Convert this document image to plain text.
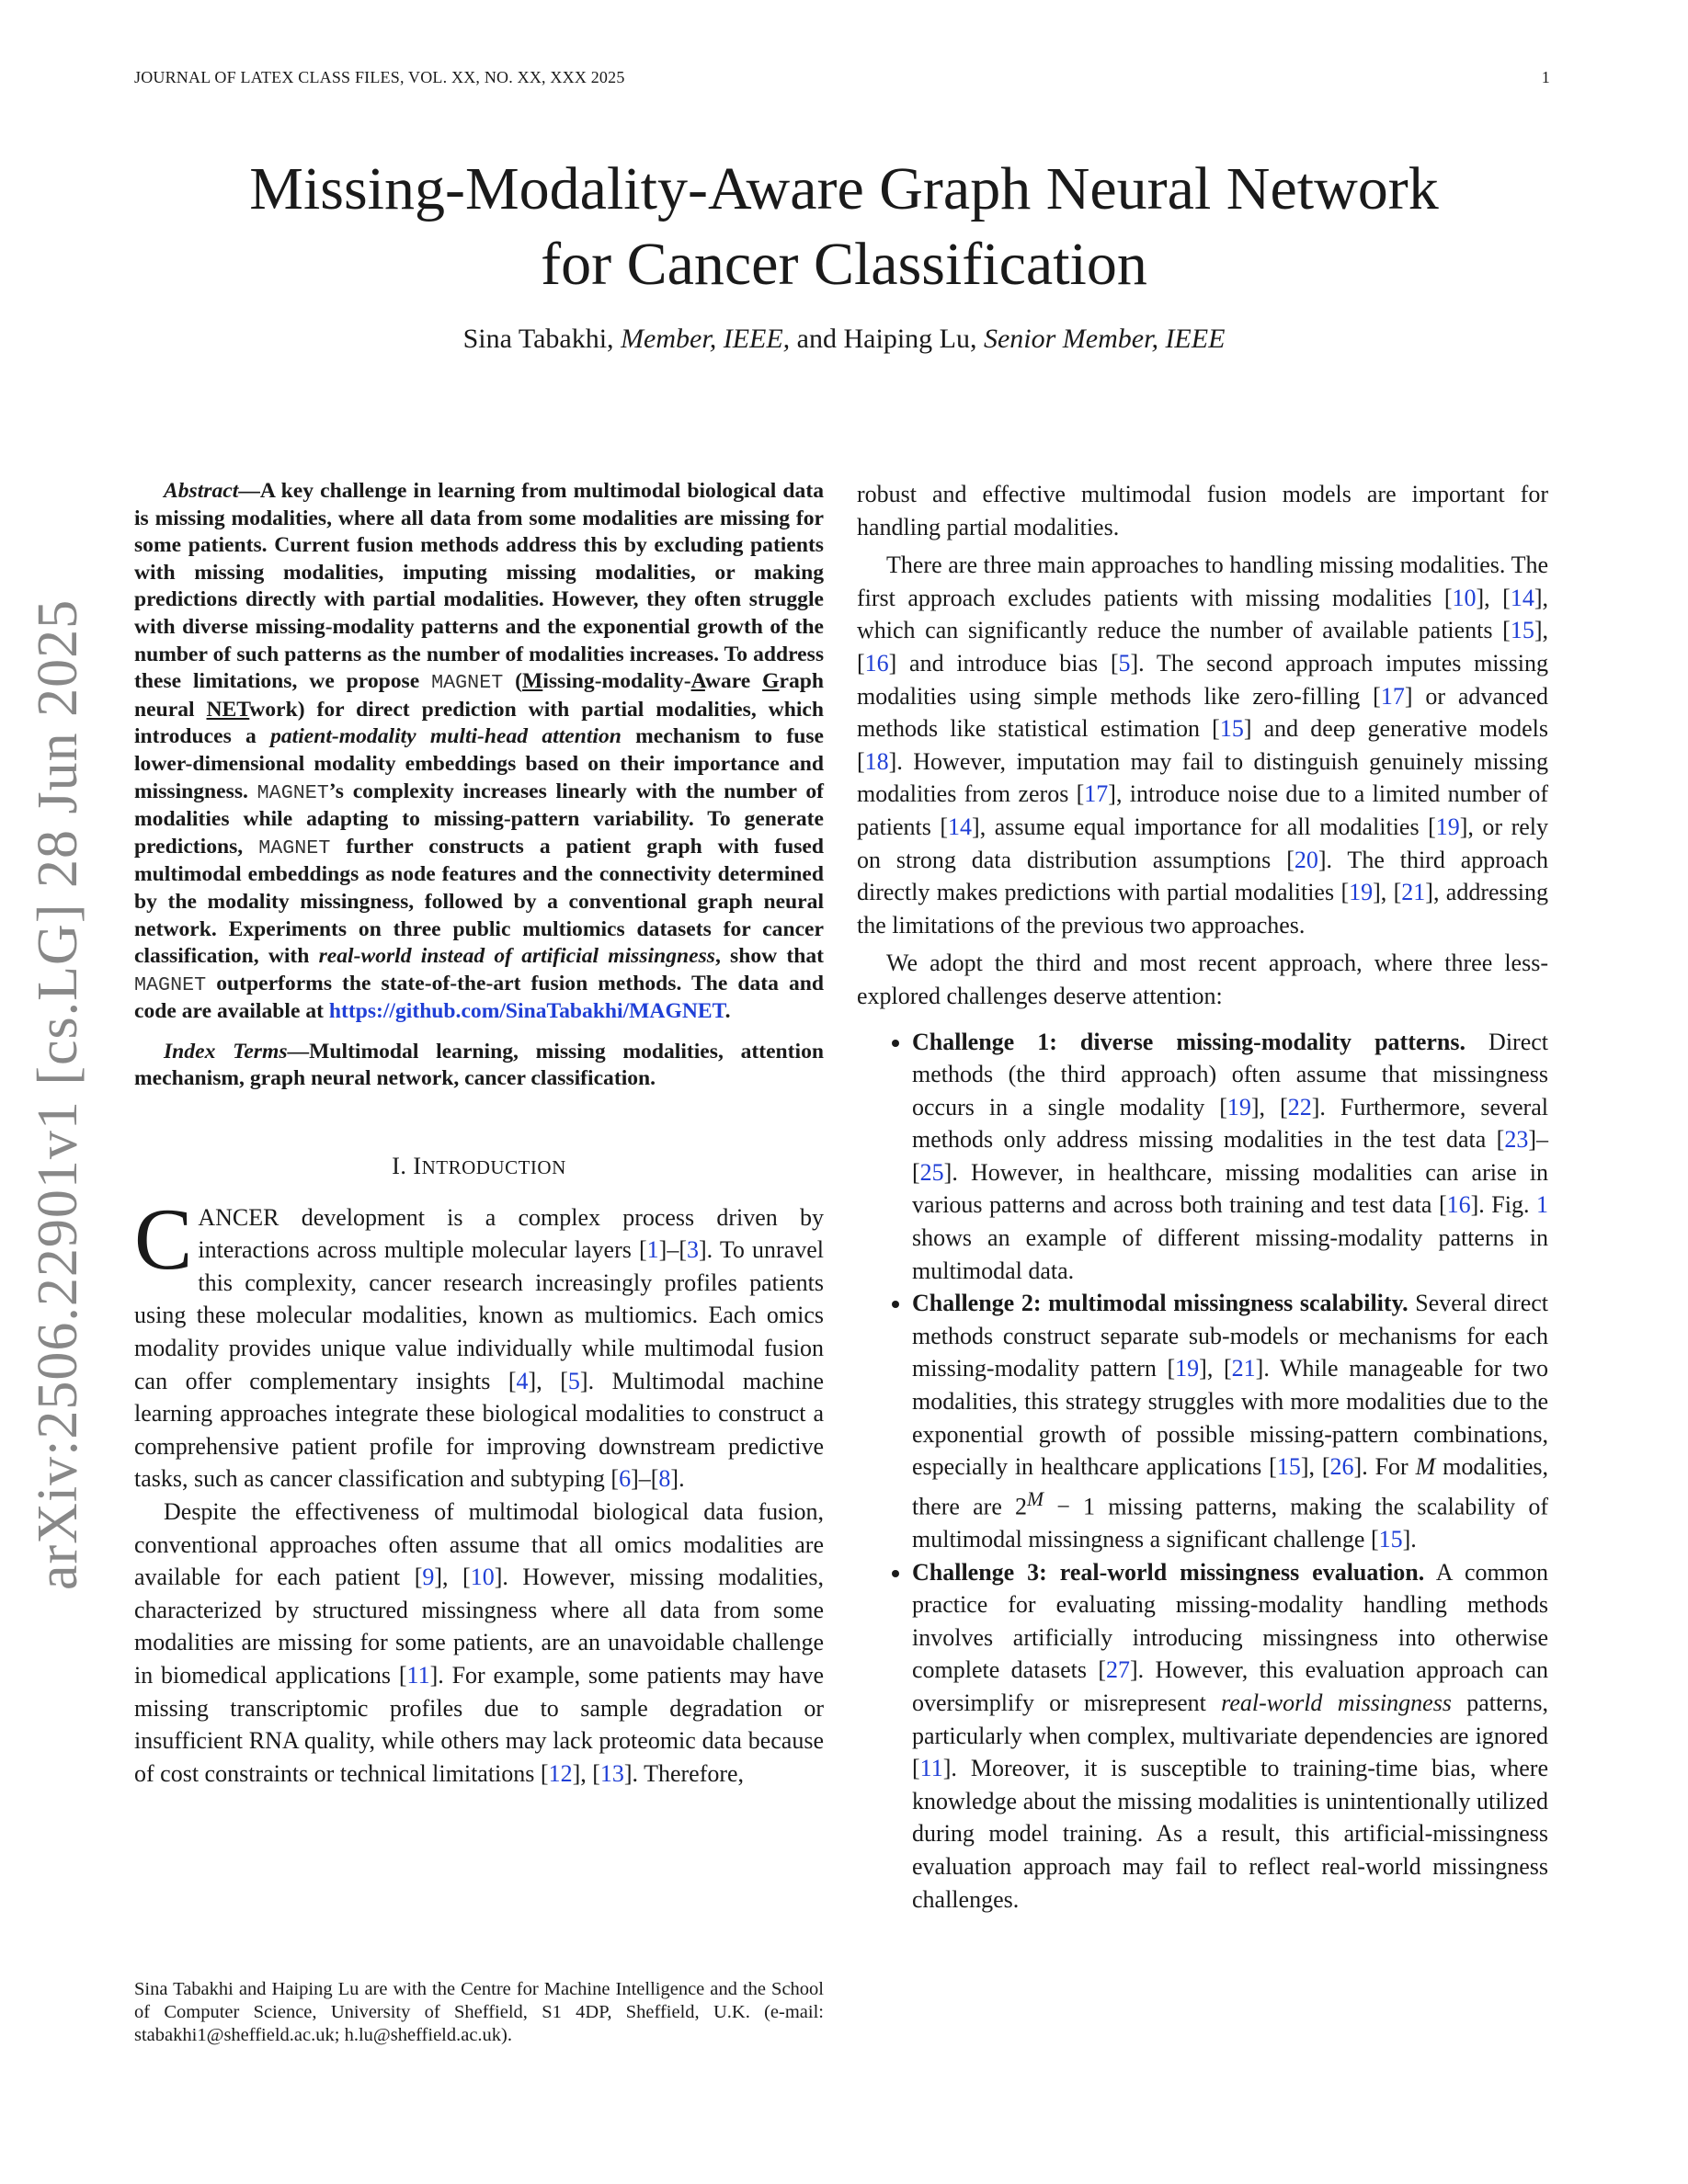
JOURNAL OF LATEX CLASS FILES, VOL. XX, NO. XX, XXX 2025	1
Missing-Modality-Aware Graph Neural Network
for Cancer Classification
Sina Tabakhi, Member, IEEE, and Haiping Lu, Senior Member, IEEE
arXiv:2506.22901v1 [cs.LG] 28 Jun 2025

Abstract—A key challenge in learning from multimodal biological data is missing modalities, where all data from some modalities are missing for some patients. Current fusion methods address this by excluding patients with missing modalities, imputing missing modalities, or making predictions directly with partial modalities. However, they often struggle with diverse missing-modality patterns and the exponential growth of the number of such patterns as the number of modalities increases. To address these limitations, we propose MAGNET (Missing-modality-Aware Graph neural NETwork) for direct prediction with partial modalities, which introduces a patient-modality multi-head attention mechanism to fuse lower-dimensional modality embeddings based on their importance and missingness. MAGNET’s complexity increases linearly with the number of modalities while adapting to missing-pattern variability. To generate predictions, MAGNET further constructs a patient graph with fused multimodal embeddings as node features and the connectivity determined by the modality missingness, followed by a conventional graph neural network. Experiments on three public multiomics datasets for cancer classification, with real-world instead of artificial missingness, show that MAGNET outperforms the state-of-the-art fusion methods. The data and code are available at https://github.com/SinaTabakhi/MAGNET.

Index Terms—Multimodal learning, missing modalities, attention mechanism, graph neural network, cancer classification.

I. INTRODUCTION

CANCER development is a complex process driven by interactions across multiple molecular layers [1]–[3]. To unravel this complexity, cancer research increasingly profiles patients using these molecular modalities, known as multiomics. Each omics modality provides unique value individually while multimodal fusion can offer complementary insights [4], [5]. Multimodal machine learning approaches integrate these biological modalities to construct a comprehensive patient profile for improving downstream predictive tasks, such as cancer classification and subtyping [6]–[8].

Despite the effectiveness of multimodal biological data fusion, conventional approaches often assume that all omics modalities are available for each patient [9], [10]. However, missing modalities, characterized by structured missingness where all data from some modalities are missing for some patients, are an unavoidable challenge in biomedical applications [11]. For example, some patients may have missing transcriptomic profiles due to sample degradation or insufficient RNA quality, while others may lack proteomic data because of cost constraints or technical limitations [12], [13]. Therefore,

Sina Tabakhi and Haiping Lu are with the Centre for Machine Intelligence and the School of Computer Science, University of Sheffield, S1 4DP, Sheffield, U.K. (e-mail: stabakhi1@sheffield.ac.uk; h.lu@sheffield.ac.uk).

robust and effective multimodal fusion models are important for handling partial modalities.

There are three main approaches to handling missing modalities. The first approach excludes patients with missing modalities [10], [14], which can significantly reduce the number of available patients [15], [16] and introduce bias [5]. The second approach imputes missing modalities using simple methods like zero-filling [17] or advanced methods like statistical estimation [15] and deep generative models [18]. However, imputation may fail to distinguish genuinely missing modalities from zeros [17], introduce noise due to a limited number of patients [14], assume equal importance for all modalities [19], or rely on strong data distribution assumptions [20]. The third approach directly makes predictions with partial modalities [19], [21], addressing the limitations of the previous two approaches.

We adopt the third and most recent approach, where three less-explored challenges deserve attention:

• Challenge 1: diverse missing-modality patterns. Direct methods (the third approach) often assume that missingness occurs in a single modality [19], [22]. Furthermore, several methods only address missing modalities in the test data [23]–[25]. However, in healthcare, missing modalities can arise in various patterns and across both training and test data [16]. Fig. 1 shows an example of different missing-modality patterns in multimodal data.
• Challenge 2: multimodal missingness scalability. Several direct methods construct separate sub-models or mechanisms for each missing-modality pattern [19], [21]. While manageable for two modalities, this strategy struggles with more modalities due to the exponential growth of possible missing-pattern combinations, especially in healthcare applications [15], [26]. For M modalities, there are $2^M - 1$ missing patterns, making the scalability of multimodal missingness a significant challenge [15].
• Challenge 3: real-world missingness evaluation. A common practice for evaluating missing-modality handling methods involves artificially introducing missingness into otherwise complete datasets [27]. However, this evaluation approach can oversimplify or misrepresent real-world missingness patterns, particularly when complex, multivariate dependencies are ignored [11]. Moreover, it is susceptible to training-time bias, where knowledge about the missing modalities is unintentionally utilized during model training. As a result, this artificial-missingness evaluation approach may fail to reflect real-world missingness challenges.
